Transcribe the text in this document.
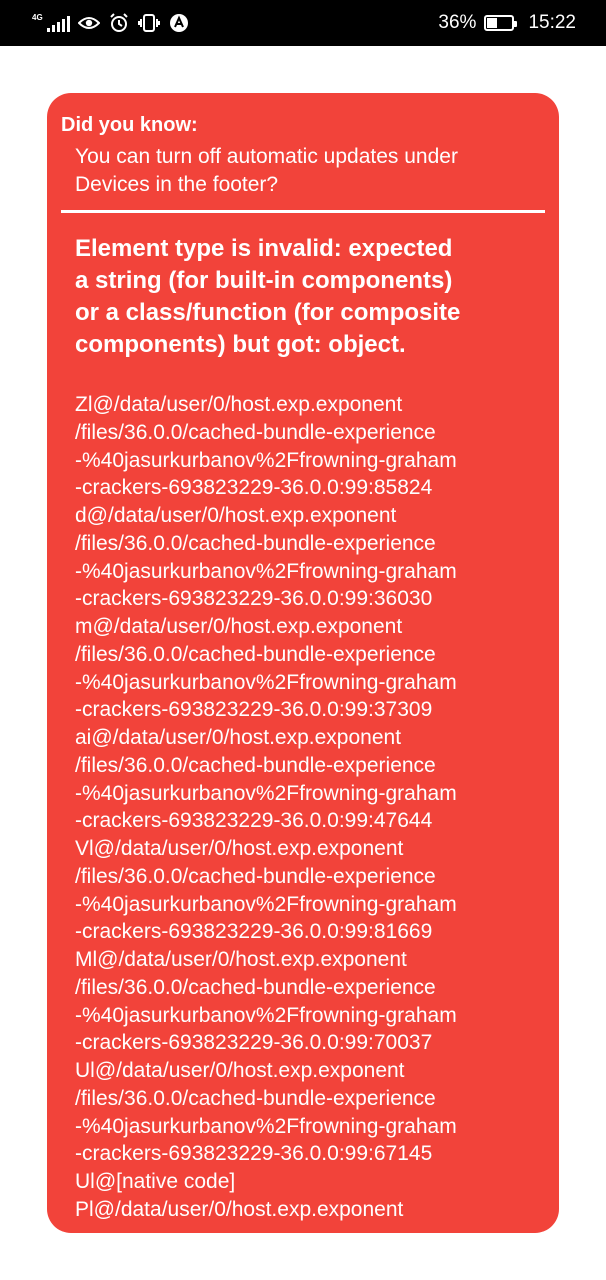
4G	36%	15:22
Did you know:
You can turn off automatic updates under
Devices in the footer?
Element type is invalid: expected
a string (for built-in components)
or a class/function (for composite
components) but got: object.
Zl@/data/user/0/host.exp.exponent
/files/36.0.0/cached-bundle-experience
-%40jasurkurbanov%2Ffrowning-graham
-crackers-693823229-36.0.0:99:85824
d@/data/user/0/host.exp.exponent
/files/36.0.0/cached-bundle-experience
-%40jasurkurbanov%2Ffrowning-graham
-crackers-693823229-36.0.0:99:36030
m@/data/user/0/host.exp.exponent
/files/36.0.0/cached-bundle-experience
-%40jasurkurbanov%2Ffrowning-graham
-crackers-693823229-36.0.0:99:37309
ai@/data/user/0/host.exp.exponent
/files/36.0.0/cached-bundle-experience
-%40jasurkurbanov%2Ffrowning-graham
-crackers-693823229-36.0.0:99:47644
Vl@/data/user/0/host.exp.exponent
/files/36.0.0/cached-bundle-experience
-%40jasurkurbanov%2Ffrowning-graham
-crackers-693823229-36.0.0:99:81669
Ml@/data/user/0/host.exp.exponent
/files/36.0.0/cached-bundle-experience
-%40jasurkurbanov%2Ffrowning-graham
-crackers-693823229-36.0.0:99:70037
Ul@/data/user/0/host.exp.exponent
/files/36.0.0/cached-bundle-experience
-%40jasurkurbanov%2Ffrowning-graham
-crackers-693823229-36.0.0:99:67145
Ul@[native code]
Pl@/data/user/0/host.exp.exponent
